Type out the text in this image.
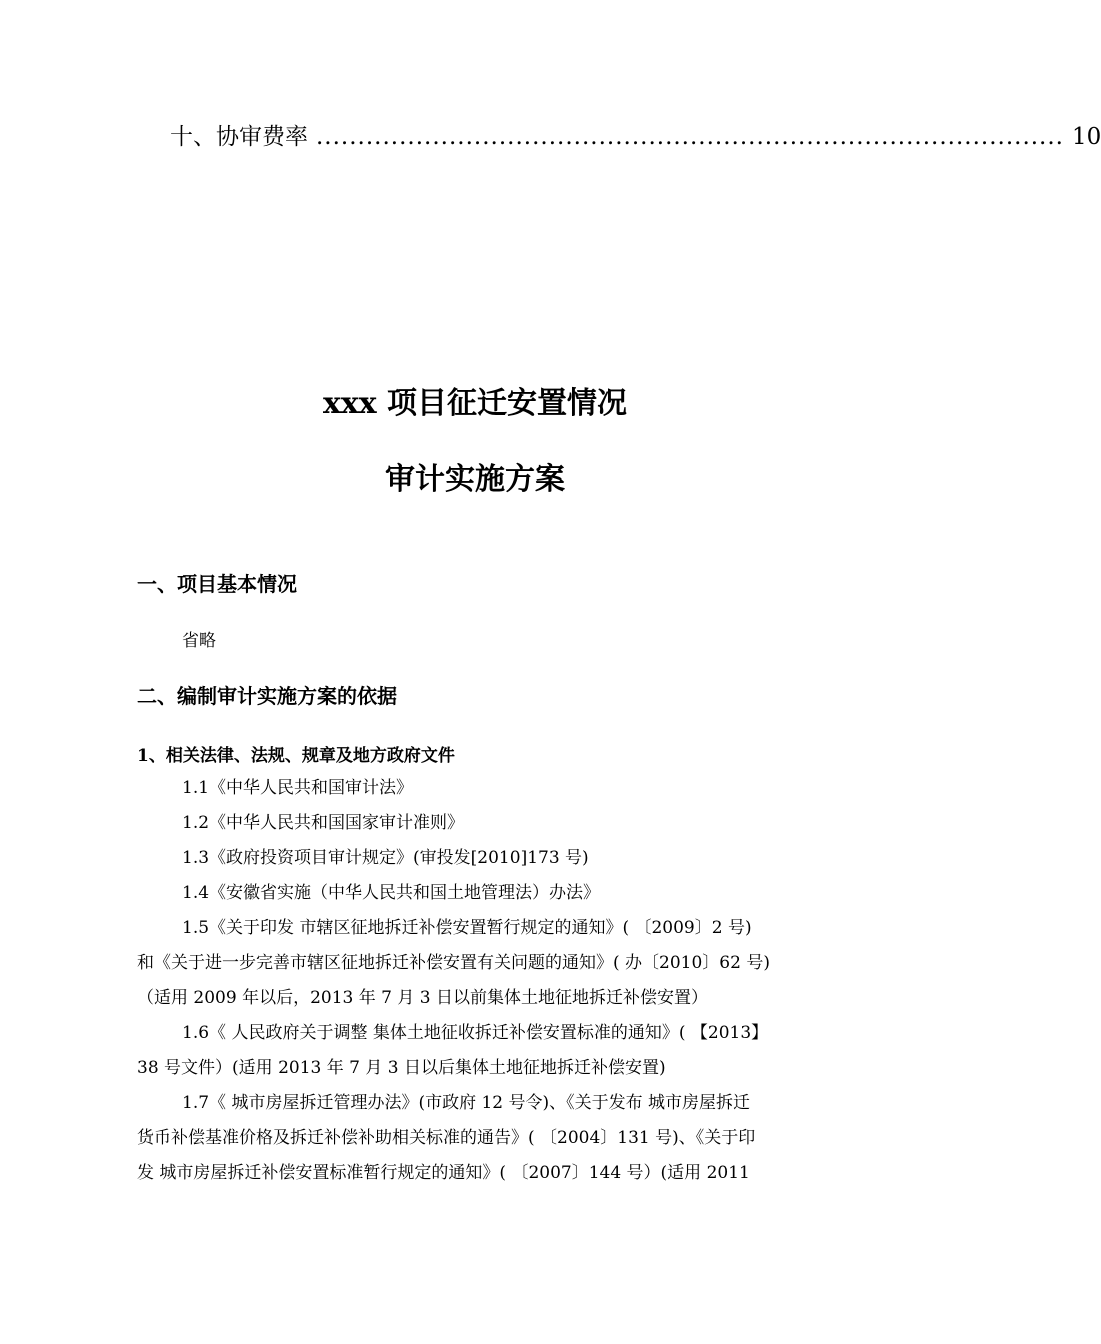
十、协审费率 .......................................................................................... 10
xxx 项目征迁安置情况
审计实施方案
一、项目基本情况
省略
二、编制审计实施方案的依据
1、相关法律、法规、规章及地方政府文件
1.1《中华人民共和国审计法》
1.2《中华人民共和国国家审计准则》
1.3《政府投资项目审计规定》(审投发[2010]173 号)
1.4《安徽省实施（中华人民共和国土地管理法）办法》
1.5《关于印发 市辖区征地拆迁补偿安置暂行规定的通知》( 〔2009〕2 号)
和《关于进一步完善市辖区征地拆迁补偿安置有关问题的通知》( 办〔2010〕62 号)
（适用 2009 年以后，2013 年 7 月 3 日以前集体土地征地拆迁补偿安置）
1.6《 人民政府关于调整 集体土地征收拆迁补偿安置标准的通知》( 【2013】
38 号文件）(适用 2013 年 7 月 3 日以后集体土地征地拆迁补偿安置)
1.7《 城市房屋拆迁管理办法》(市政府 12 号令)、《关于发布 城市房屋拆迁
货币补偿基准价格及拆迁补偿补助相关标准的通告》( 〔2004〕131 号)、《关于印
发 城市房屋拆迁补偿安置标准暂行规定的通知》( 〔2007〕144 号）(适用 2011
